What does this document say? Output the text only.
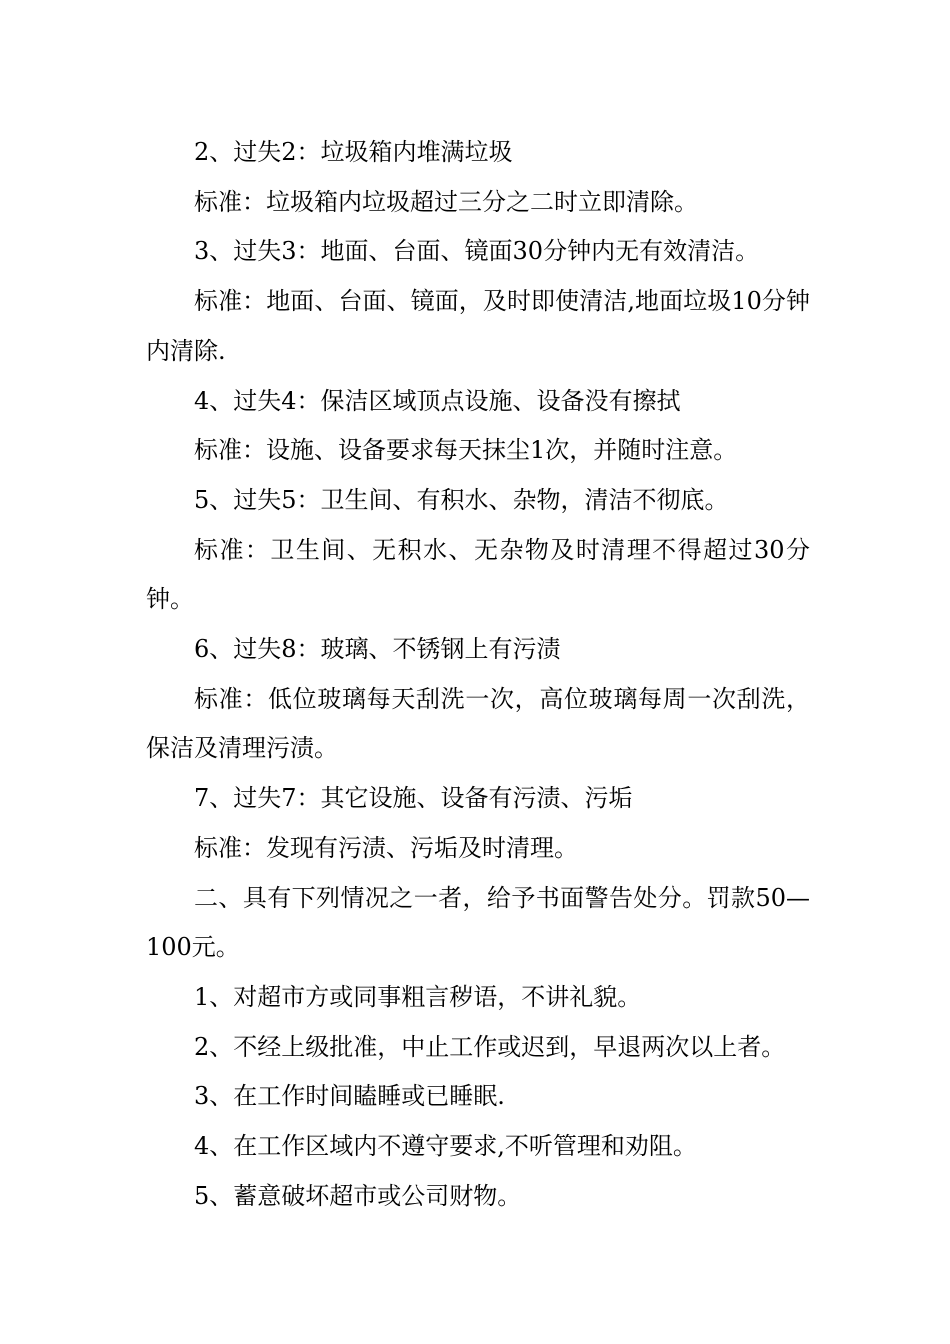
2、过失2：垃圾箱内堆满垃圾

标准：垃圾箱内垃圾超过三分之二时立即清除。

3、过失3：地面、台面、镜面30分钟内无有效清洁。

标准：地面、台面、镜面，及时即使清洁,地面垃圾10分钟内清除.

4、过失4：保洁区域顶点设施、设备没有擦拭

标准：设施、设备要求每天抹尘1次，并随时注意。

5、过失5：卫生间、有积水、杂物，清洁不彻底。

标准：卫生间、无积水、无杂物及时清理不得超过30分钟。

6、过失8：玻璃、不锈钢上有污渍

标准：低位玻璃每天刮洗一次，高位玻璃每周一次刮洗，保洁及清理污渍。

7、过失7：其它设施、设备有污渍、污垢

标准：发现有污渍、污垢及时清理。

二、具有下列情况之一者，给予书面警告处分。罚款50—100元。

1、对超市方或同事粗言秽语，不讲礼貌。

2、不经上级批准，中止工作或迟到，早退两次以上者。

3、在工作时间瞌睡或已睡眠.

4、在工作区域内不遵守要求,不听管理和劝阻。

5、蓄意破坏超市或公司财物。
